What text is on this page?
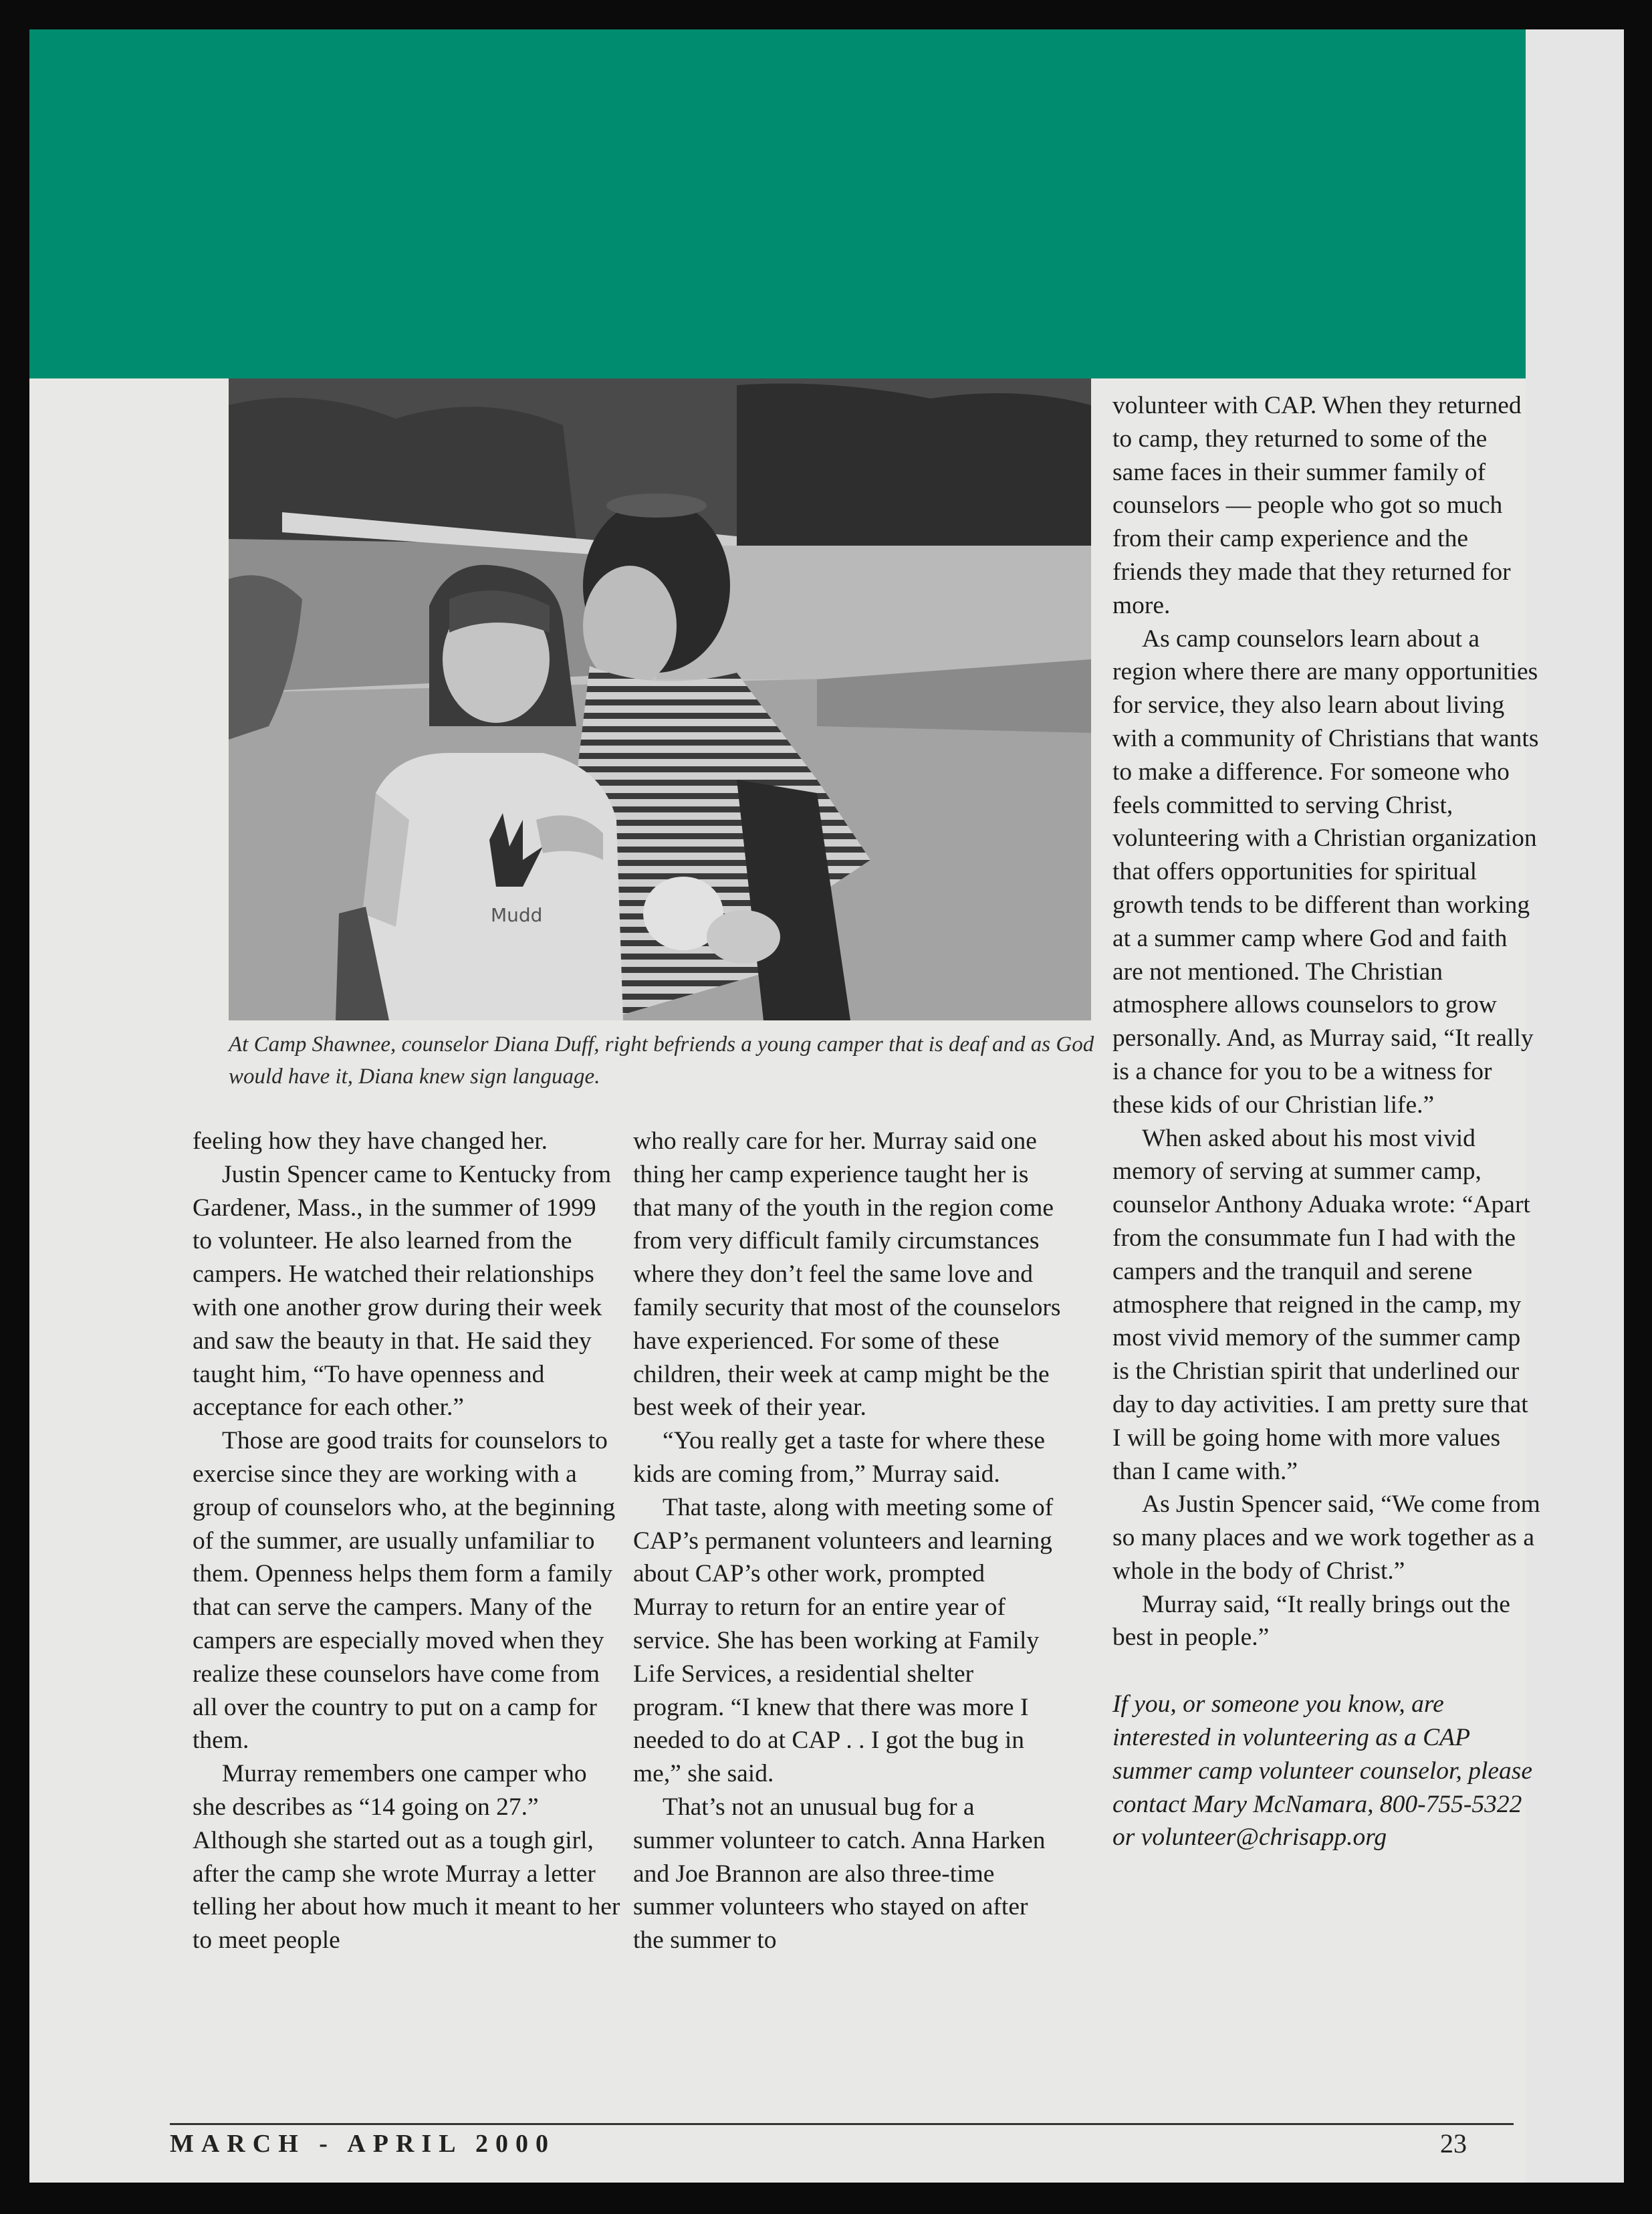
Mudd
At Camp Shawnee, counselor Diana Duff, right befriends a young camper that is deaf and as God would have it, Diana knew sign language.

feeling how they have changed her.

Justin Spencer came to Kentucky from Gardener, Mass., in the summer of 1999 to volunteer. He also learned from the campers. He watched their relationships with one another grow during their week and saw the beauty in that. He said they taught him, “To have openness and acceptance for each other.”

Those are good traits for counselors to exercise since they are working with a group of counselors who, at the beginning of the summer, are usually unfamiliar to them. Openness helps them form a family that can serve the campers. Many of the campers are especially moved when they realize these counselors have come from all over the country to put on a camp for them.

Murray remembers one camper who she describes as “14 going on 27.” Although she started out as a tough girl, after the camp she wrote Murray a letter telling her about how much it meant to her to meet people

who really care for her. Murray said one thing her camp experience taught her is that many of the youth in the region come from very difficult family circumstances where they don’t feel the same love and family security that most of the counselors have experienced. For some of these children, their week at camp might be the best week of their year.

“You really get a taste for where these kids are coming from,” Murray said.

That taste, along with meeting some of CAP’s permanent volunteers and learning about CAP’s other work, prompted Murray to return for an entire year of service. She has been working at Family Life Services, a residential shelter program. “I knew that there was more I needed to do at CAP . . I got the bug in me,” she said.

That’s not an unusual bug for a summer volunteer to catch. Anna Harken and Joe Brannon are also three-time summer volunteers who stayed on after the summer to

volunteer with CAP. When they returned to camp, they returned to some of the same faces in their summer family of counselors — people who got so much from their camp experience and the friends they made that they returned for more.

As camp counselors learn about a region where there are many opportunities for service, they also learn about living with a community of Christians that wants to make a difference. For someone who feels committed to serving Christ, volunteering with a Christian organization that offers opportunities for spiritual growth tends to be different than working at a summer camp where God and faith are not mentioned. The Christian atmosphere allows counselors to grow personally. And, as Murray said, “It really is a chance for you to be a witness for these kids of our Christian life.”

When asked about his most vivid memory of serving at summer camp, counselor Anthony Aduaka wrote: “Apart from the consummate fun I had with the campers and the tranquil and serene atmosphere that reigned in the camp, my most vivid memory of the summer camp is the Christian spirit that underlined our day to day activities. I am pretty sure that I will be going home with more values than I came with.”

As Justin Spencer said, “We come from so many places and we work together as a whole in the body of Christ.”

Murray said, “It really brings out the best in people.”

If you, or someone you know, are interested in volunteering as a CAP summer camp volunteer counselor, please contact Mary McNamara, 800-755-5322 or volunteer@chrisapp.org

MARCH - APRIL 2000	23
